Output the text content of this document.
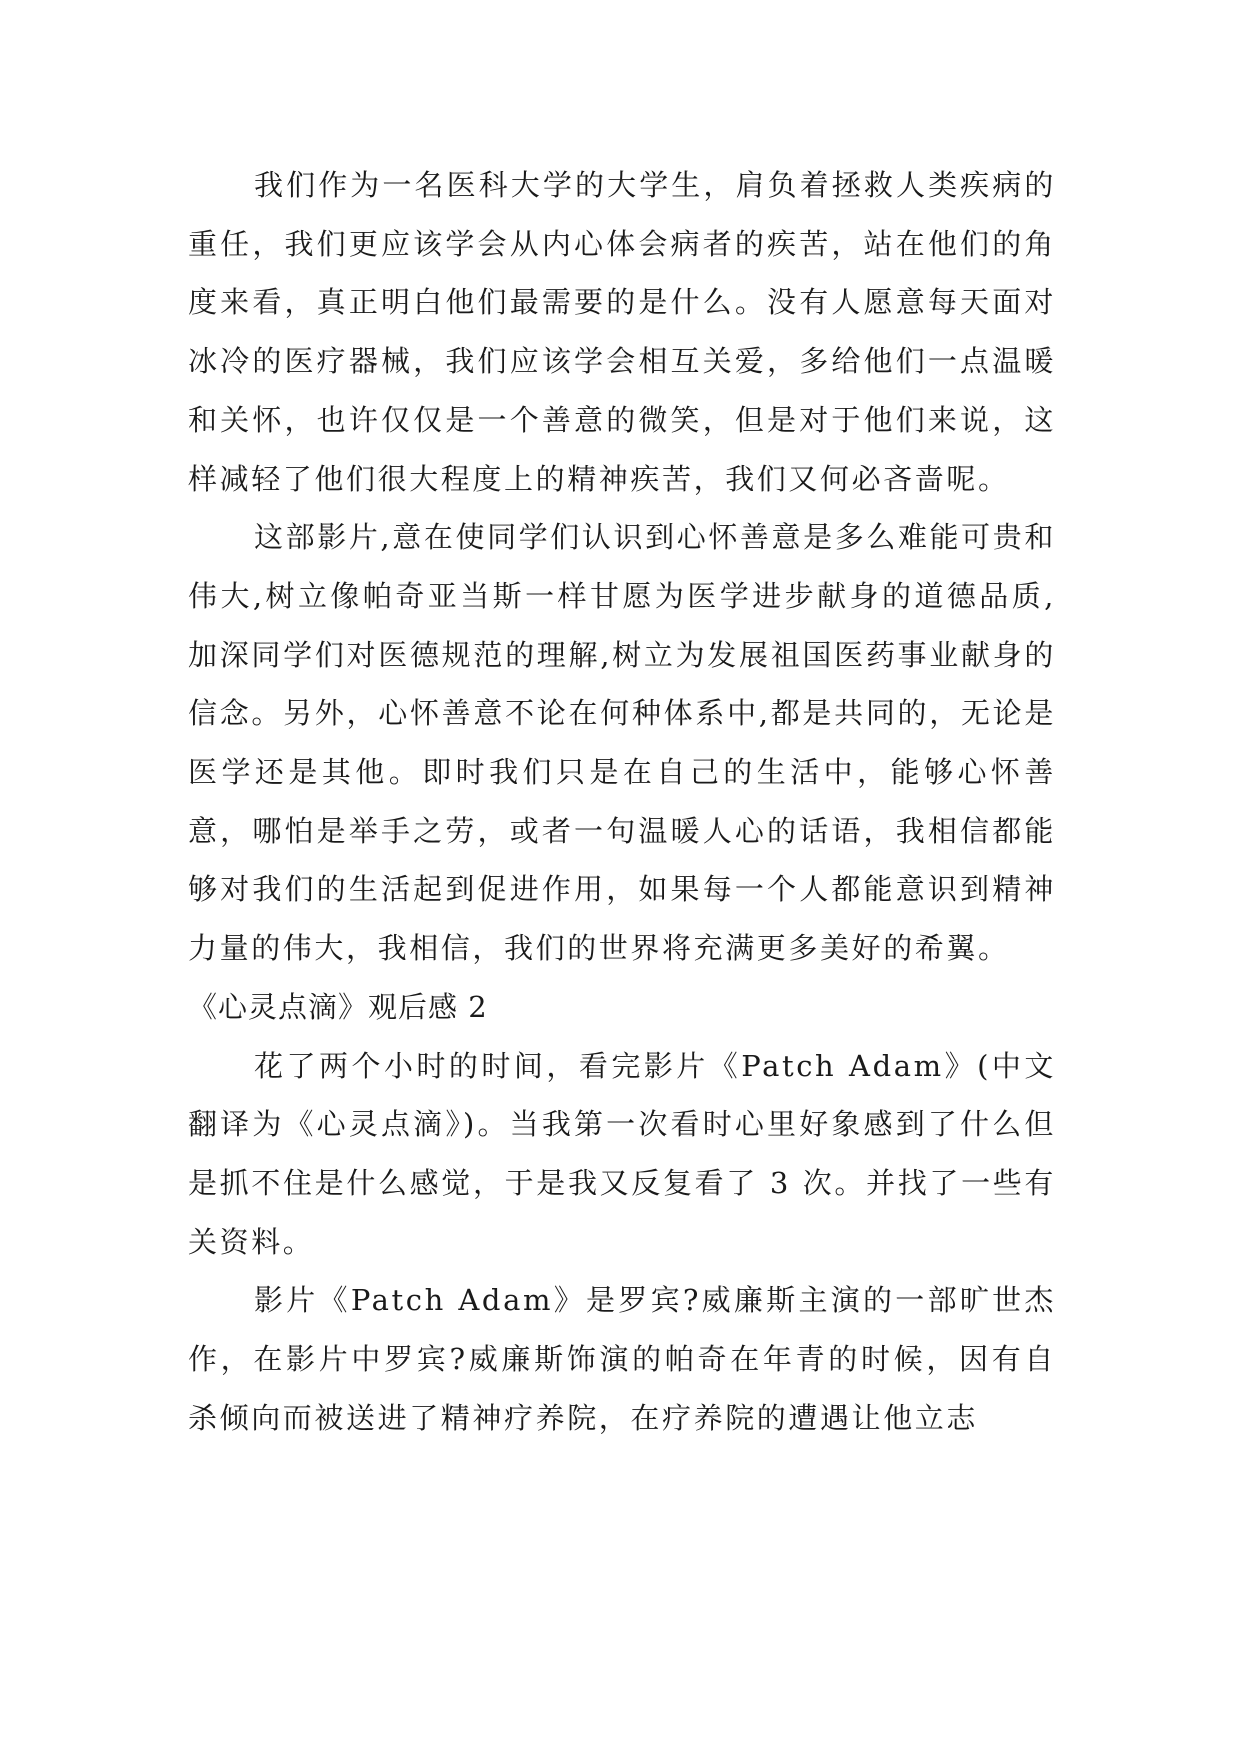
我们作为一名医科大学的大学生，肩负着拯救人类疾病的重任，我们更应该学会从内心体会病者的疾苦，站在他们的角度来看，真正明白他们最需要的是什么。没有人愿意每天面对冰冷的医疗器械，我们应该学会相互关爱，多给他们一点温暖和关怀，也许仅仅是一个善意的微笑，但是对于他们来说，这样减轻了他们很大程度上的精神疾苦，我们又何必吝啬呢。

这部影片,意在使同学们认识到心怀善意是多么难能可贵和伟大,树立像帕奇亚当斯一样甘愿为医学进步献身的道德品质,加深同学们对医德规范的理解,树立为发展祖国医药事业献身的信念。另外，心怀善意不论在何种体系中,都是共同的，无论是医学还是其他。即时我们只是在自己的生活中，能够心怀善意，哪怕是举手之劳，或者一句温暖人心的话语，我相信都能够对我们的生活起到促进作用，如果每一个人都能意识到精神力量的伟大，我相信，我们的世界将充满更多美好的希翼。

《心灵点滴》观后感 2

花了两个小时的时间，看完影片《Patch Adam》(中文翻译为《心灵点滴》)。当我第一次看时心里好象感到了什么但是抓不住是什么感觉，于是我又反复看了 3 次。并找了一些有关资料。

影片《Patch Adam》是罗宾?威廉斯主演的一部旷世杰作，在影片中罗宾?威廉斯饰演的帕奇在年青的时候，因有自杀倾向而被送进了精神疗养院，在疗养院的遭遇让他立志
